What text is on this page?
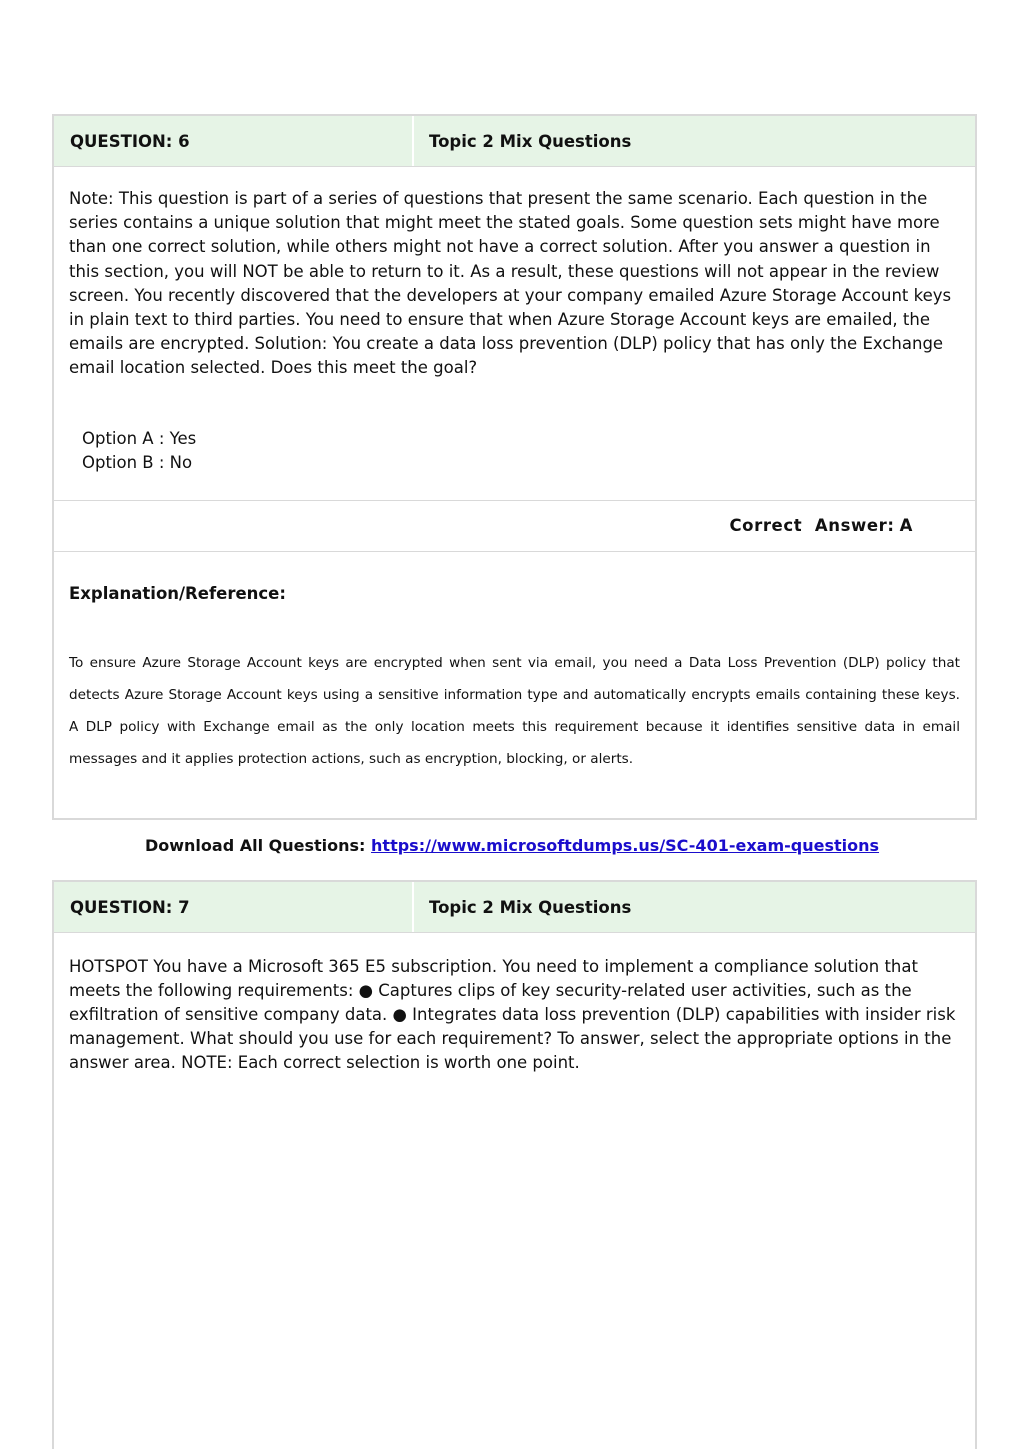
QUESTION: 6	Topic 2 Mix Questions
Note: This question is part of a series of questions that present the same scenario. Each question in the series contains a unique solution that might meet the stated goals. Some question sets might have more than one correct solution, while others might not have a correct solution. After you answer a question in this section, you will NOT be able to return to it. As a result, these questions will not appear in the review screen. You recently discovered that the developers at your company emailed Azure Storage Account keys in plain text to third parties. You need to ensure that when Azure Storage Account keys are emailed, the emails are encrypted. Solution: You create a data loss prevention (DLP) policy that has only the Exchange email location selected. Does this meet the goal?
Option A : Yes
Option B : No
Correct  Answer: A
Explanation/Reference:
To ensure Azure Storage Account keys are encrypted when sent via email, you need a Data Loss Prevention (DLP) policy that detects Azure Storage Account keys using a sensitive information type and automatically encrypts emails containing these keys. A DLP policy with Exchange email as the only location meets this requirement because it identifies sensitive data in email messages and it applies protection actions, such as encryption, blocking, or alerts.
Download All Questions: https://www.microsoftdumps.us/SC-401-exam-questions
QUESTION: 7	Topic 2 Mix Questions
HOTSPOT You have a Microsoft 365 E5 subscription. You need to implement a compliance solution that meets the following requirements: ● Captures clips of key security-related user activities, such as the exfiltration of sensitive company data. ● Integrates data loss prevention (DLP) capabilities with insider risk management. What should you use for each requirement? To answer, select the appropriate options in the answer area. NOTE: Each correct selection is worth one point.
